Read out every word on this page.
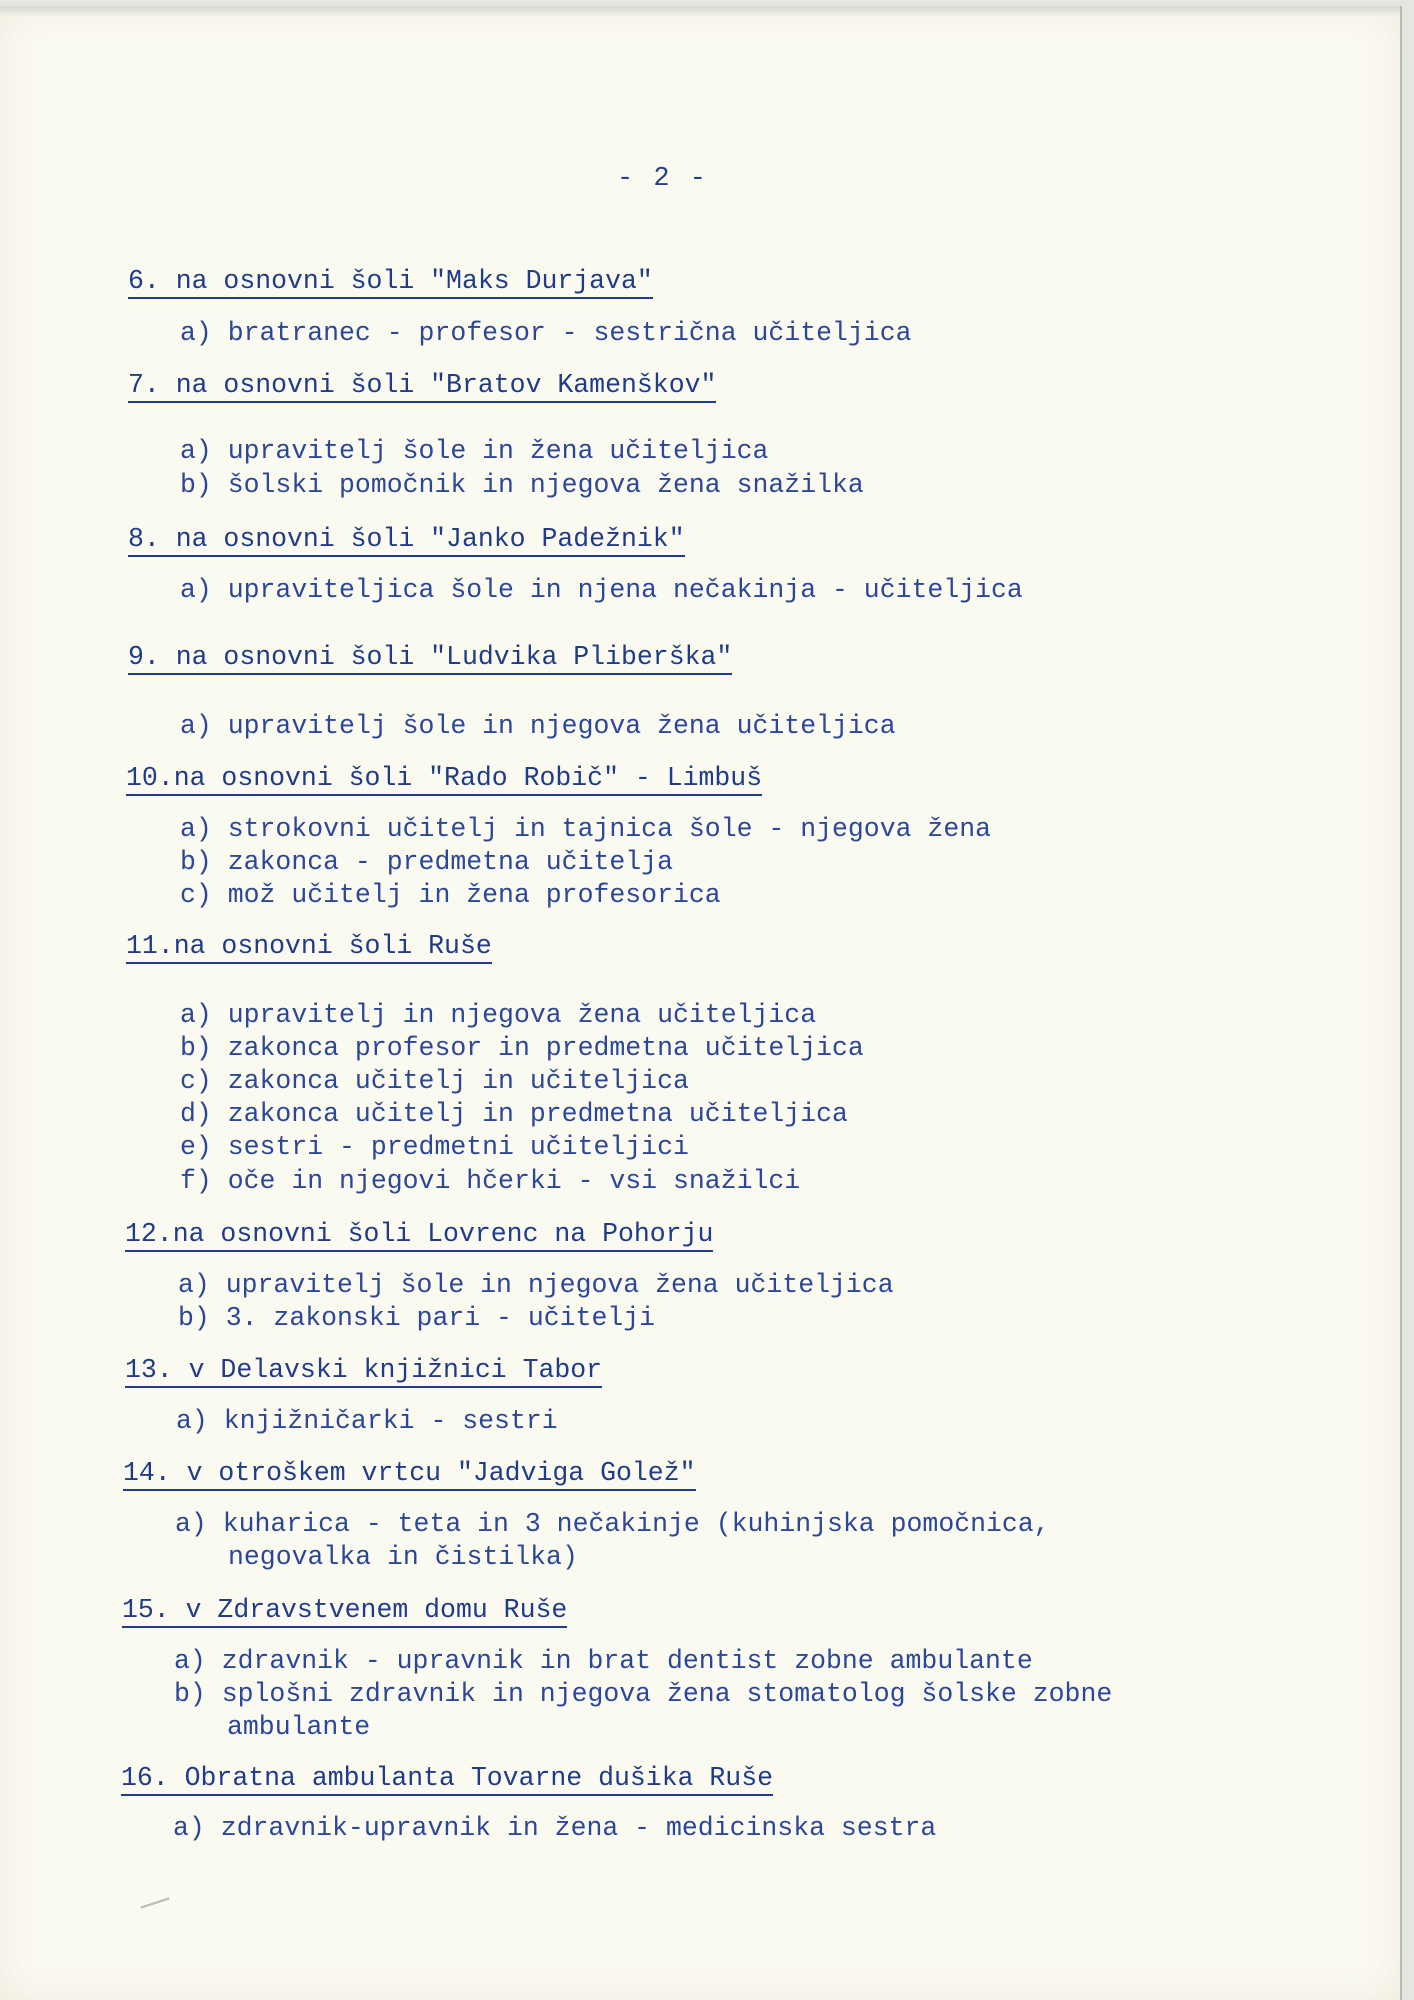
- 2 -
6. na osnovni šoli "Maks Durjava"
a) bratranec - profesor - sestrična učiteljica
7. na osnovni šoli "Bratov Kamenškov"
a) upravitelj šole in žena učiteljica
b) šolski pomočnik in njegova žena snažilka
8. na osnovni šoli "Janko Padežnik"
a) upraviteljica šole in njena nečakinja - učiteljica
9. na osnovni šoli "Ludvika Pliberška"
a) upravitelj šole in njegova žena učiteljica
10.na osnovni šoli "Rado Robič" - Limbuš
a) strokovni učitelj in tajnica šole - njegova žena
b) zakonca - predmetna učitelja
c) mož učitelj in žena profesorica
11.na osnovni šoli Ruše
a) upravitelj in njegova žena učiteljica
b) zakonca profesor in predmetna učiteljica
c) zakonca učitelj in učiteljica
d) zakonca učitelj in predmetna učiteljica
e) sestri - predmetni učiteljici
f) oče in njegovi hčerki - vsi snažilci
12.na osnovni šoli Lovrenc na Pohorju
a) upravitelj šole in njegova žena učiteljica
b) 3. zakonski pari - učitelji
13. v Delavski knjižnici Tabor
a) knjižničarki - sestri
14. v otroškem vrtcu "Jadviga Golež"
a) kuharica - teta in 3 nečakinje (kuhinjska pomočnica,
negovalka in čistilka)
15. v Zdravstvenem domu Ruše
a) zdravnik - upravnik in brat dentist zobne ambulante
b) splošni zdravnik in njegova žena stomatolog šolske zobne
ambulante
16. Obratna ambulanta Tovarne dušika Ruše
a) zdravnik-upravnik in žena - medicinska sestra
